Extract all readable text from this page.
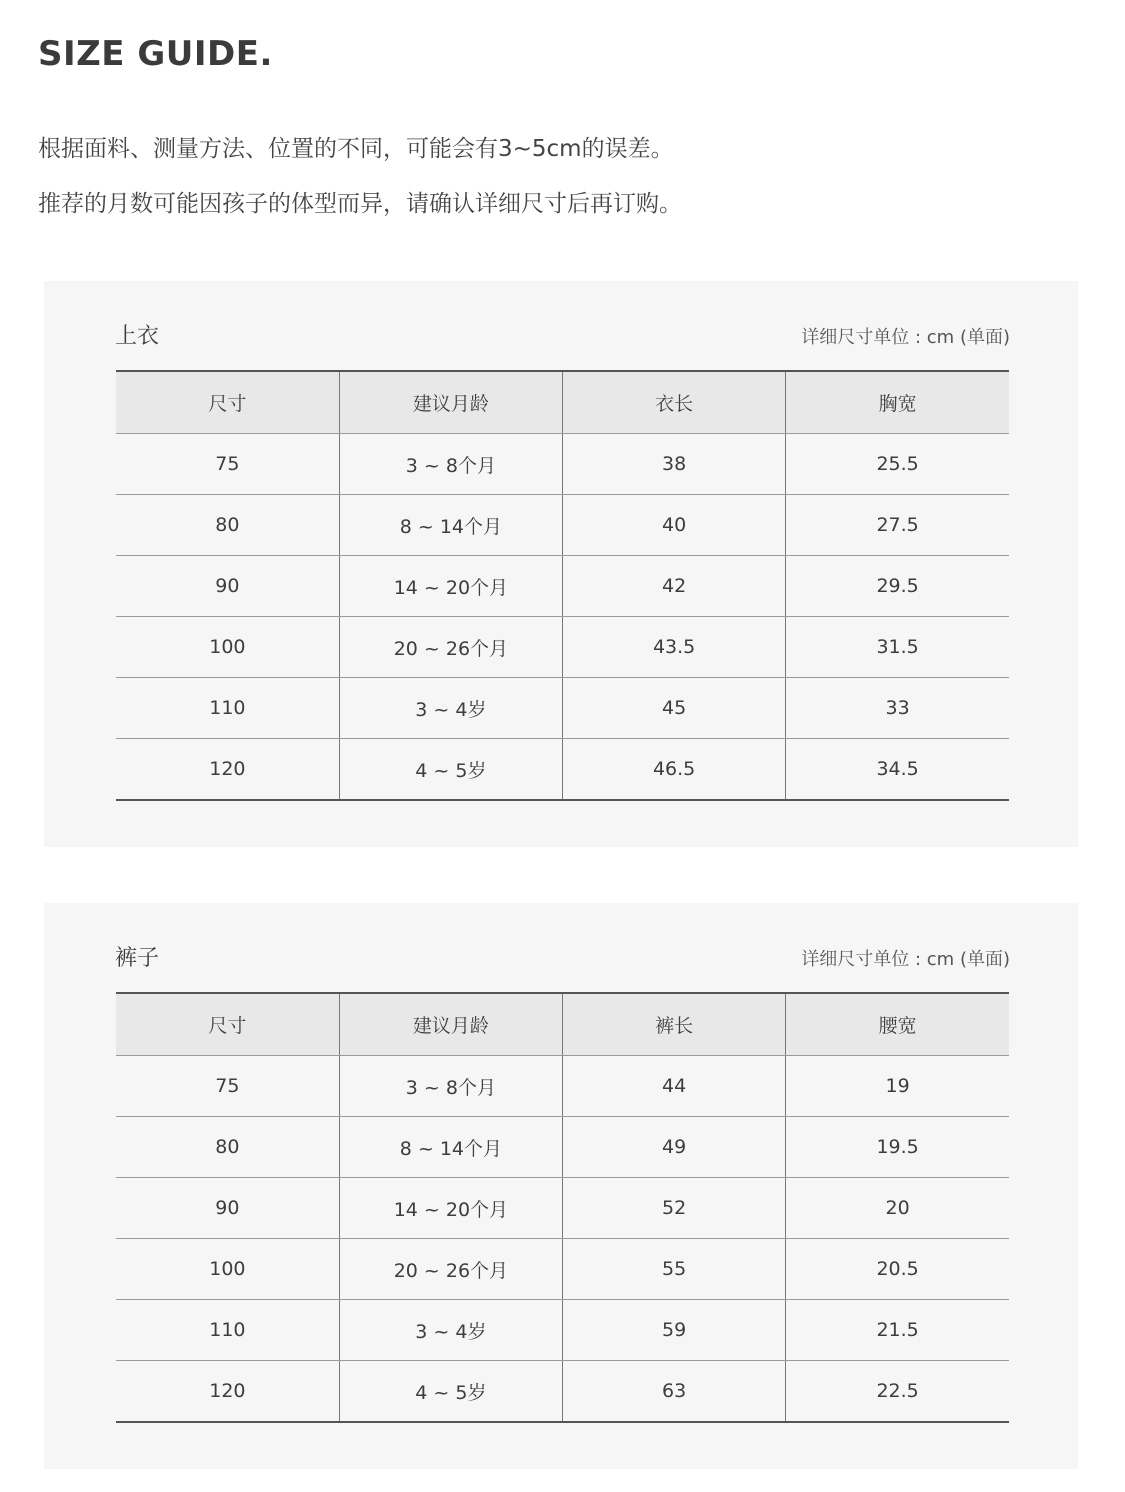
SIZE GUIDE.
根据面料、测量方法、位置的不同，可能会有3~5cm的误差。
推荐的月数可能因孩子的体型而异，请确认详细尺寸后再订购。
上衣	详细尺寸单位 : cm (单面)
尺寸	建议月龄	衣长	胸宽
75	3 ~ 8个月	38	25.5
80	8 ~ 14个月	40	27.5
90	14 ~ 20个月	42	29.5
100	20 ~ 26个月	43.5	31.5
110	3 ~ 4岁	45	33
120	4 ~ 5岁	46.5	34.5
裤子	详细尺寸单位 : cm (单面)
尺寸	建议月龄	裤长	腰宽
75	3 ~ 8个月	44	19
80	8 ~ 14个月	49	19.5
90	14 ~ 20个月	52	20
100	20 ~ 26个月	55	20.5
110	3 ~ 4岁	59	21.5
120	4 ~ 5岁	63	22.5
